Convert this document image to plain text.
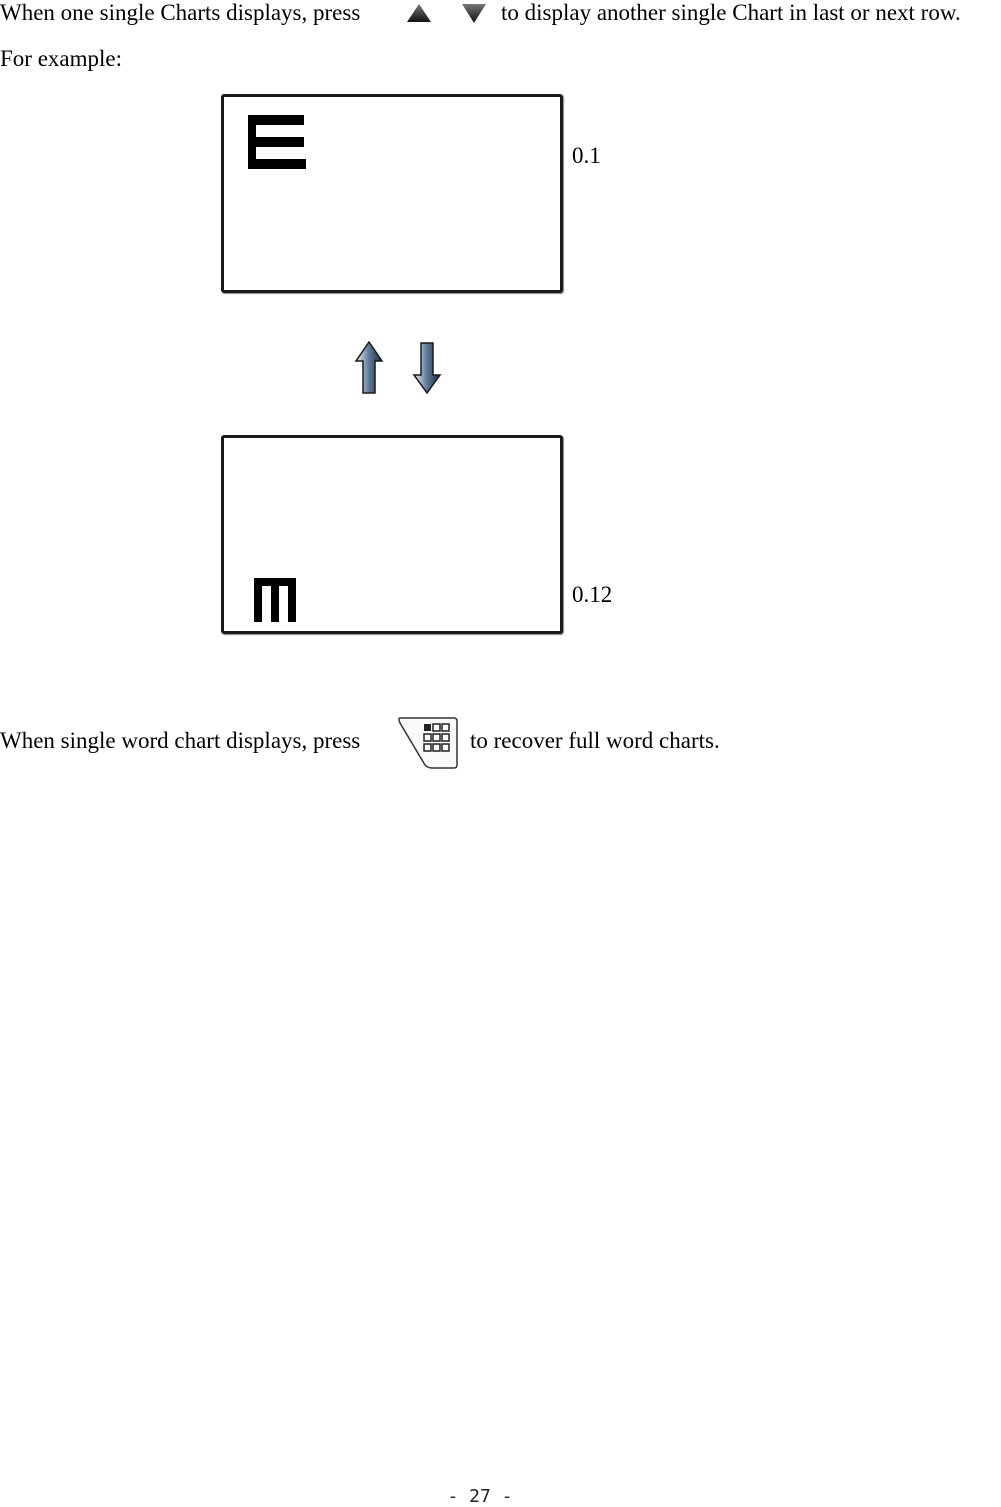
When one single Charts displays, press	to display another single Chart in last or next row.
For example:
0.1
0.12
When single word chart displays, press	to recover full word charts.
- 27 -
